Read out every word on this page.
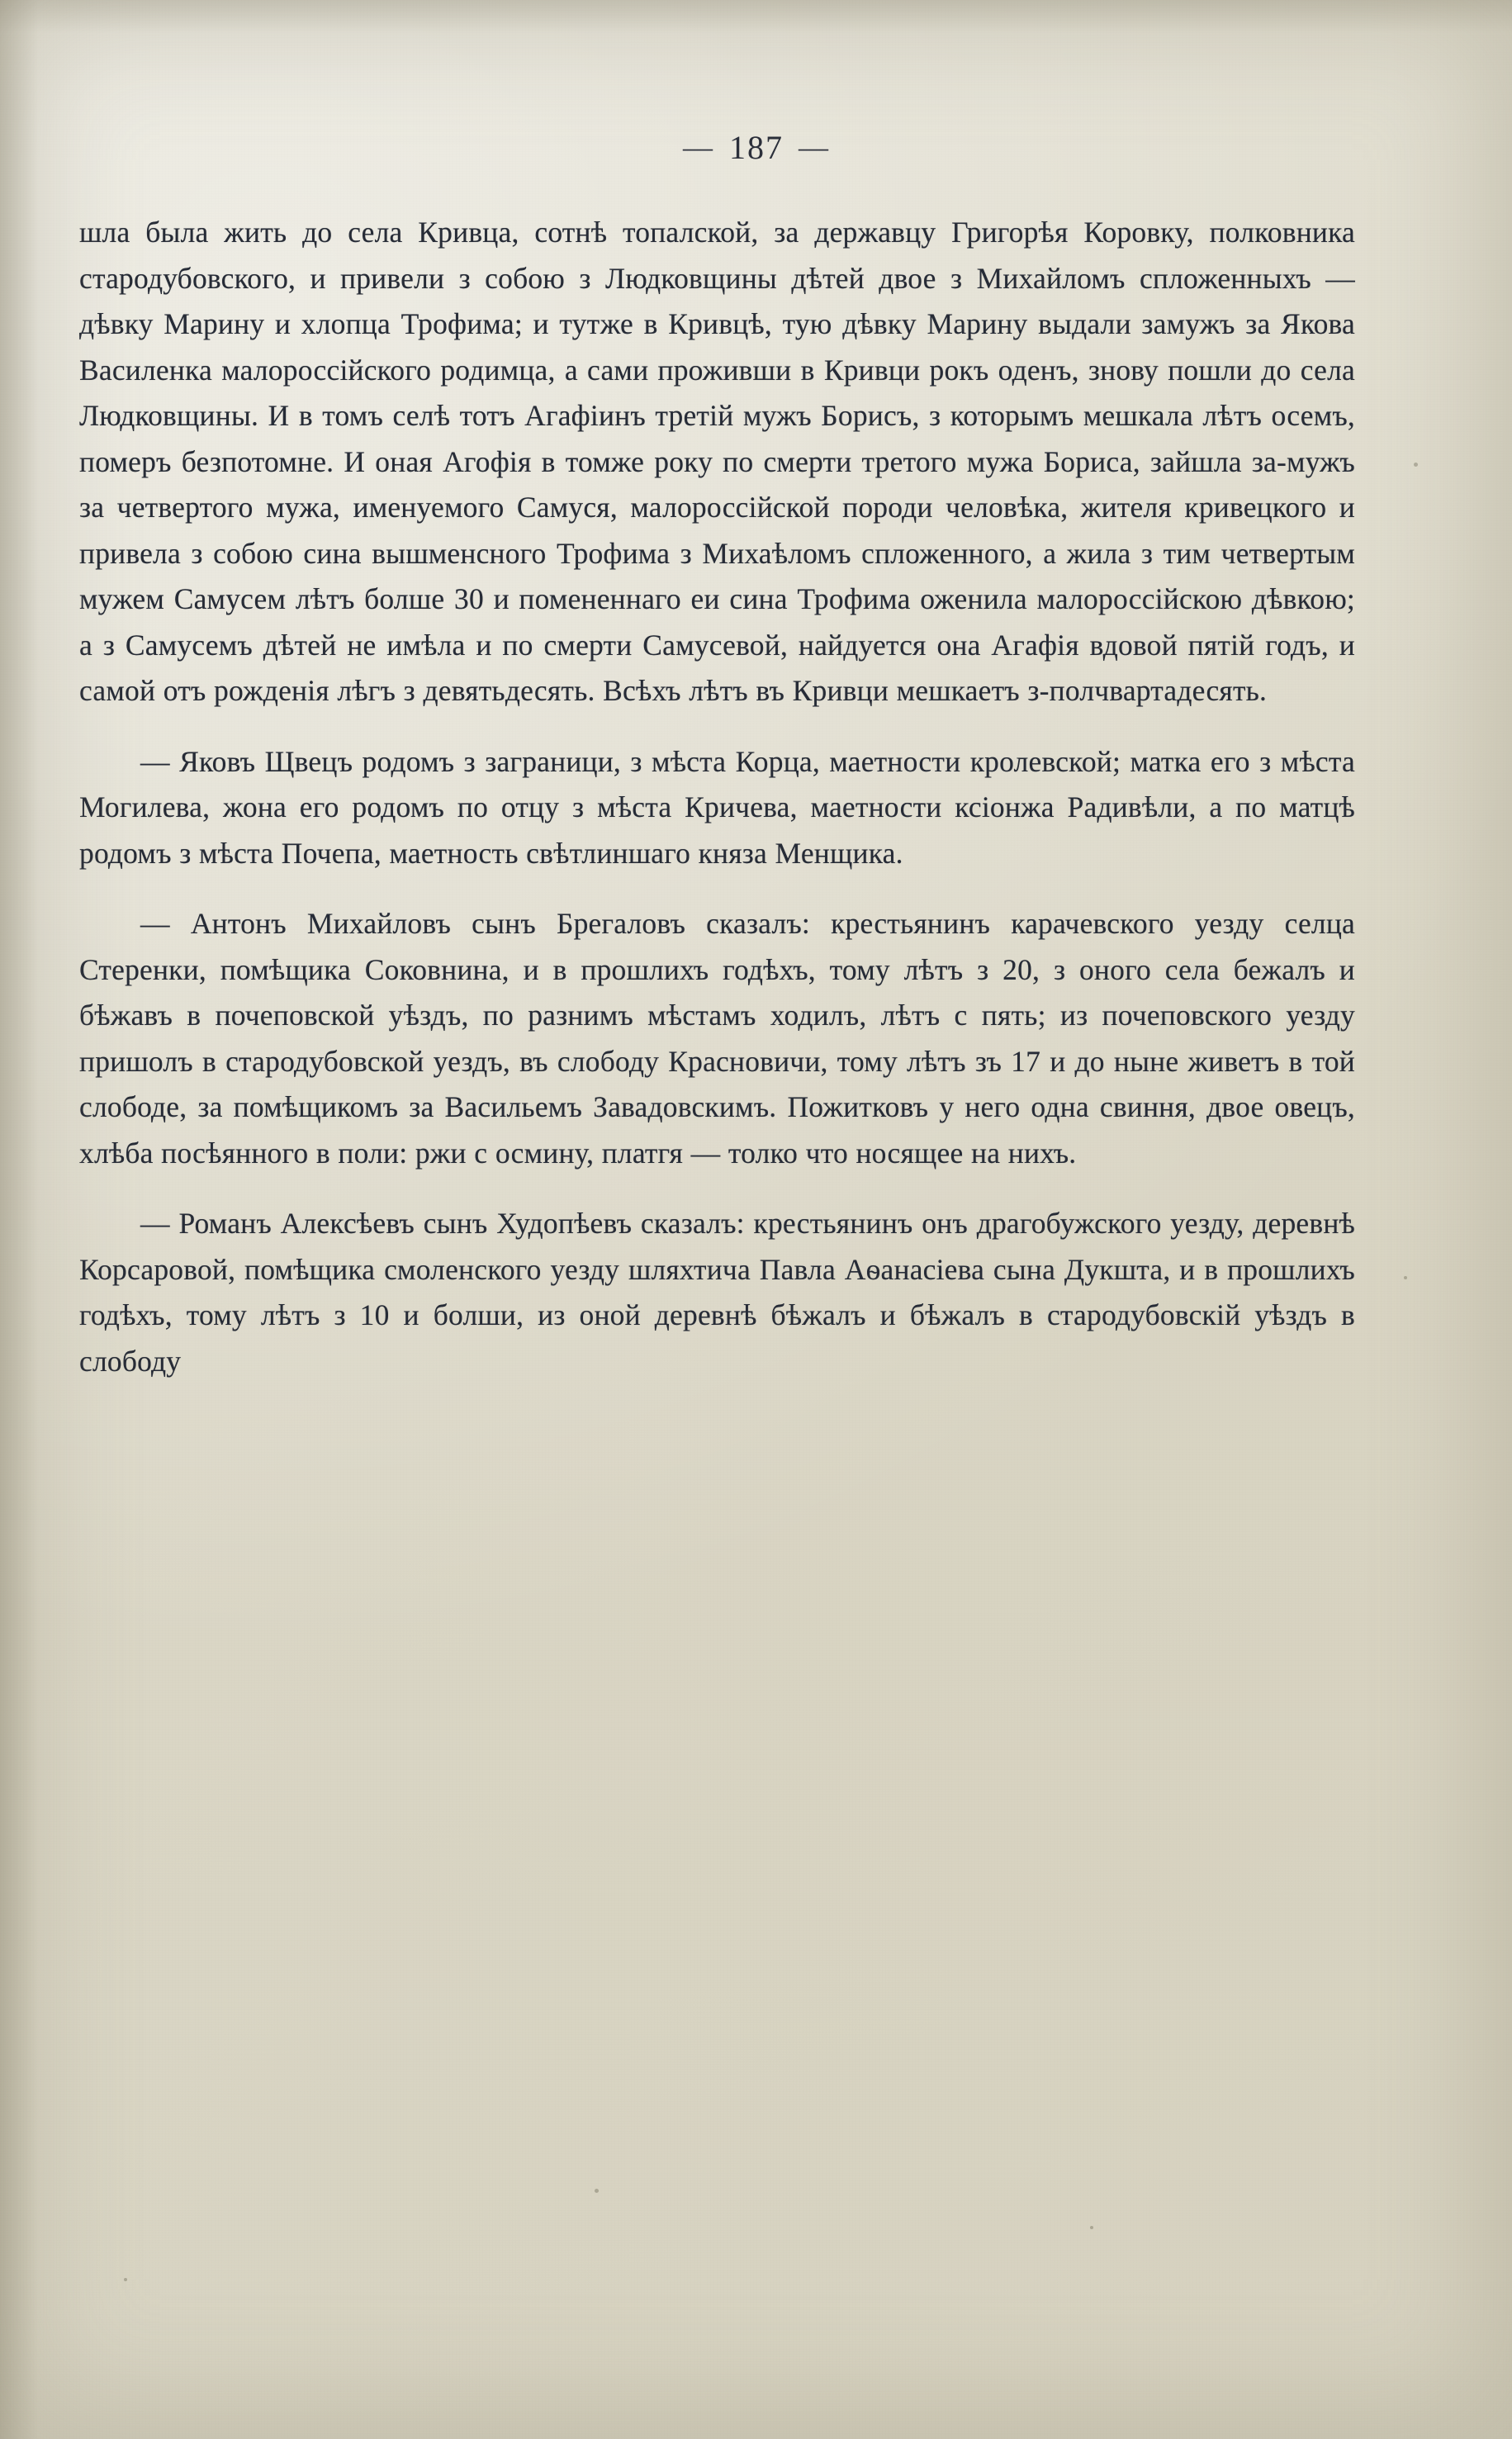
— 187 —

шла была жить до села Кривца, сотнѣ топалской, за державцу Григорѣя Коровку, полковника стародубовского, и привели з собою з Людковщины дѣтей двое з Михайломъ спложенныхъ — дѣвку Марину и хлопца Трофима; и тутже в Кривцѣ, тую дѣвку Марину выдали замужъ за Якова Василенка малороссійского родимца, а сами проживши в Кривци рокъ оденъ, знову пошли до села Людковщины. И в томъ селѣ тотъ Агафіинъ третій мужъ Борисъ, з которымъ мешкала лѣтъ осемъ, померъ безпотомне. И оная Агофія в томже року по смерти третого мужа Бориса, зайшла за-мужъ за четвертого мужа, именуемого Самуся, малороссійской породи человѣка, жителя кривецкого и привела з собою сина вышменсного Трофима з Михаѣломъ спложенного, а жила з тим четвертым мужем Самусем лѣтъ болше 30 и помененнаго еи сина Трофима оженила малороссійскою дѣвкою; а з Самусемъ дѣтей не имѣла и по смерти Самусевой, найдуется она Агафія вдовой пятій годъ, и самой отъ рожденія лѣгъ з девятьдесять. Всѣхъ лѣтъ въ Кривци мешкаетъ з-полчвартадесять.

— Яковъ Щвецъ родомъ з заграници, з мѣста Корца, маетности кролевской; матка его з мѣста Могилева, жона его родомъ по отцу з мѣста Кричева, маетности ксіонжа Радивѣли, а по матцѣ родомъ з мѣста Почепа, маетность свѣтлиншаго княза Менщика.

— Антонъ Михайловъ сынъ Брегаловъ сказалъ: крестьянинъ карачевского уезду селца Стеренки, помѣщика Соковнина, и в прошлихъ годѣхъ, тому лѣтъ з 20, з оного села бежалъ и бѣжавъ в почеповской уѣздъ, по разнимъ мѣстамъ ходилъ, лѣтъ с пять; из почеповского уезду пришолъ в стародубовской уездъ, въ слободу Красновичи, тому лѣтъ зъ 17 и до ныне живетъ в той слободе, за помѣщикомъ за Васильемъ Завадовскимъ. Пожитковъ у него одна свиння, двое овецъ, хлѣба посѣянного в поли: ржи с осмину, платгя — толко что носящее на нихъ.

— Романъ Алексѣевъ сынъ Худопѣевъ сказалъ: крестьянинъ онъ драгобужского уезду, деревнѣ Корсаровой, помѣщика смоленского уезду шляхтича Павла Аѳанасіева сына Дукшта, и в прошлихъ годѣхъ, тому лѣтъ з 10 и болши, из оной деревнѣ бѣжалъ и бѣжалъ в стародубовскій уѣздъ в слободу
